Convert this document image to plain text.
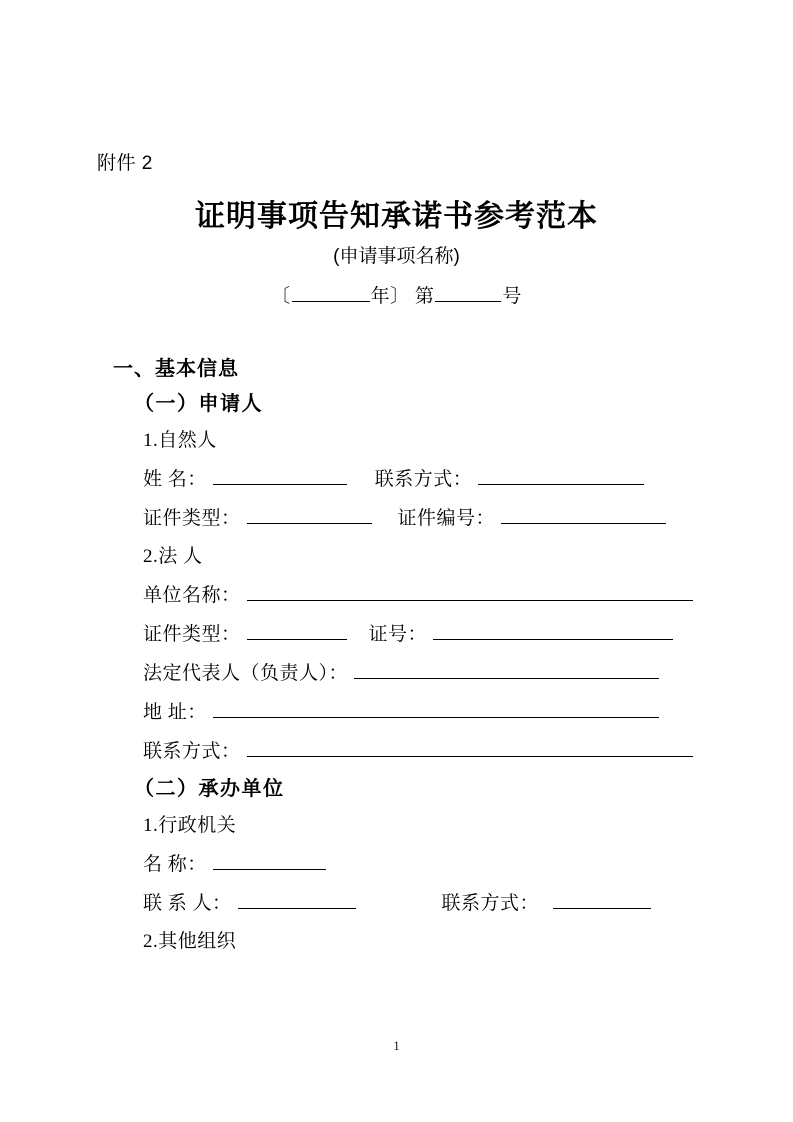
附件 2
证明事项告知承诺书参考范本
(申请事项名称)
〔	年〕 第	号
一、基本信息
（一）申请人
1.自然人
姓 名：	联系方式：
证件类型：	证件编号：
2.法 人
单位名称：
证件类型：	证号：
法定代表人（负责人）：
地 址：
联系方式：
（二）承办单位
1.行政机关
名 称：
联 系 人：	联系方式：
2.其他组织
1
